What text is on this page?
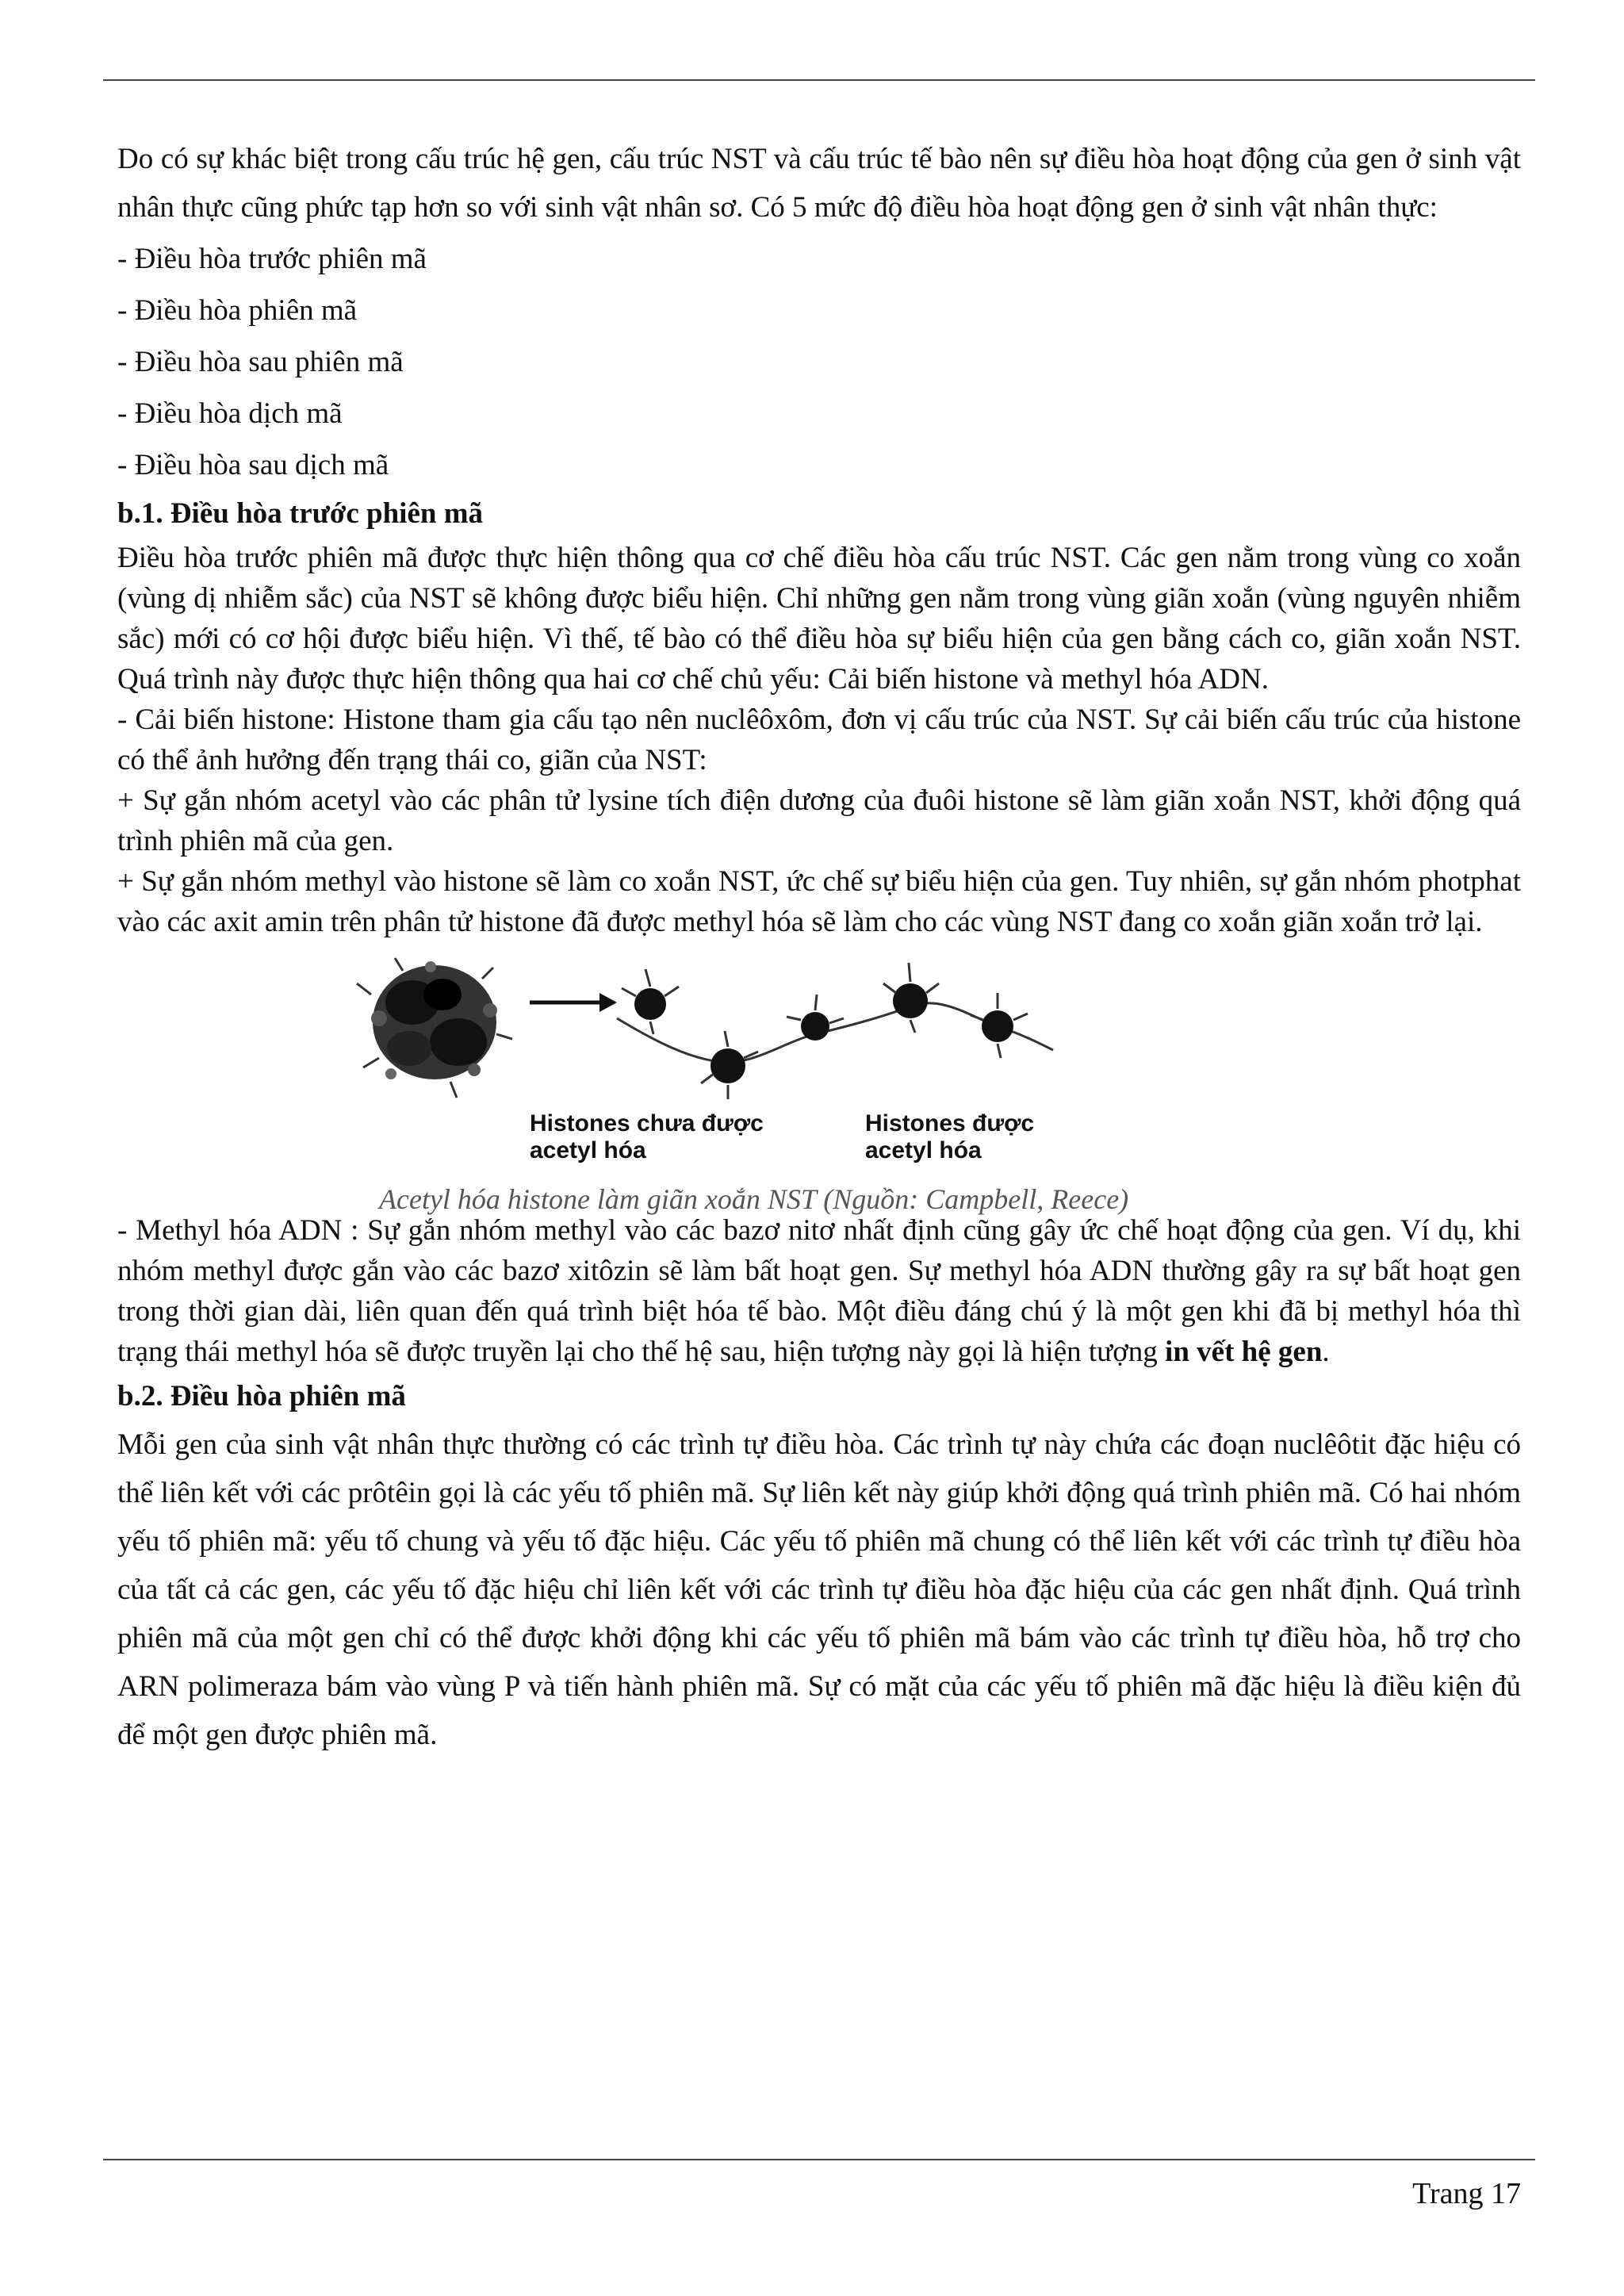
Do có sự khác biệt trong cấu trúc hệ gen, cấu trúc NST và cấu trúc tế bào nên sự điều hòa hoạt động của gen ở sinh vật nhân thực cũng phức tạp hơn so với sinh vật nhân sơ. Có 5 mức độ điều hòa hoạt động gen ở sinh vật nhân thực:

- Điều hòa trước phiên mã

- Điều hòa phiên mã

- Điều hòa sau phiên mã

- Điều hòa dịch mã

- Điều hòa sau dịch mã

b.1. Điều hòa trước phiên mã

Điều hòa trước phiên mã được thực hiện thông qua cơ chế điều hòa cấu trúc NST. Các gen nằm trong vùng co xoắn (vùng dị nhiễm sắc) của NST sẽ không được biểu hiện. Chỉ những gen nằm trong vùng giãn xoắn (vùng nguyên nhiễm sắc) mới có cơ hội được biểu hiện. Vì thế, tế bào có thể điều hòa sự biểu hiện của gen bằng cách co, giãn xoắn NST. Quá trình này được thực hiện thông qua hai cơ chế chủ yếu: Cải biến histone và methyl hóa ADN.

- Cải biến histone: Histone tham gia cấu tạo nên nuclêôxôm, đơn vị cấu trúc của NST. Sự cải biến cấu trúc của histone có thể ảnh hưởng đến trạng thái co, giãn của NST:

+ Sự gắn nhóm acetyl vào các phân tử lysine tích điện dương của đuôi histone sẽ làm giãn xoắn NST, khởi động quá trình phiên mã của gen.

+ Sự gắn nhóm methyl vào histone sẽ làm co xoắn NST, ức chế sự biểu hiện của gen. Tuy nhiên, sự gắn nhóm photphat vào các axit amin trên phân tử histone đã được methyl hóa sẽ làm cho các vùng NST đang co xoắn giãn xoắn trở lại.

Histones chưa được
acetyl hóa
Histones được
acetyl hóa
Acetyl hóa histone làm giãn xoắn NST (Nguồn: Campbell, Reece)

- Methyl hóa ADN : Sự gắn nhóm methyl vào các bazơ nitơ nhất định cũng gây ức chế hoạt động của gen. Ví dụ, khi nhóm methyl được gắn vào các bazơ xitôzin sẽ làm bất hoạt gen. Sự methyl hóa ADN thường gây ra sự bất hoạt gen trong thời gian dài, liên quan đến quá trình biệt hóa tế bào. Một điều đáng chú ý là một gen khi đã bị methyl hóa thì trạng thái methyl hóa sẽ được truyền lại cho thế hệ sau, hiện tượng này gọi là hiện tượng in vết hệ gen.

b.2. Điều hòa phiên mã

Mỗi gen của sinh vật nhân thực thường có các trình tự điều hòa. Các trình tự này chứa các đoạn nuclêôtit đặc hiệu có thể liên kết với các prôtêin gọi là các yếu tố phiên mã. Sự liên kết này giúp khởi động quá trình phiên mã. Có hai nhóm yếu tố phiên mã: yếu tố chung và yếu tố đặc hiệu. Các yếu tố phiên mã chung có thể liên kết với các trình tự điều hòa của tất cả các gen, các yếu tố đặc hiệu chỉ liên kết với các trình tự điều hòa đặc hiệu của các gen nhất định. Quá trình phiên mã của một gen chỉ có thể được khởi động khi các yếu tố phiên mã bám vào các trình tự điều hòa, hỗ trợ cho ARN polimeraza bám vào vùng P và tiến hành phiên mã. Sự có mặt của các yếu tố phiên mã đặc hiệu là điều kiện đủ để một gen được phiên mã.

Trang 17
